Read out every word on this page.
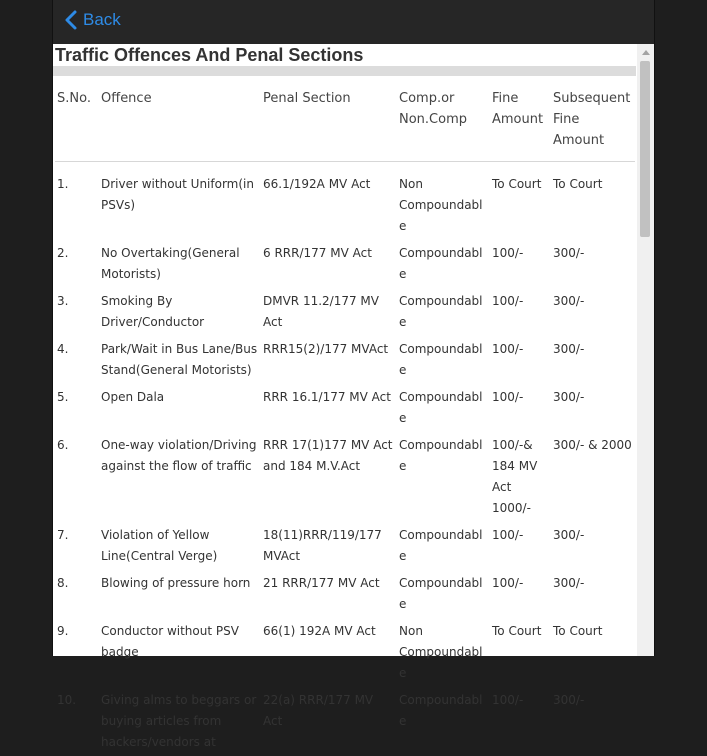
Back
Traffic Offences And Penal Sections
S.No.	Offence	Penal Section	Comp.or Non.Comp	Fine Amount	Subsequent Fine Amount
1.	Driver without Uniform(in PSVs)	66.1/192A MV Act	Non Compoundable	To Court	To Court
2.	No Overtaking(General Motorists)	6 RRR/177 MV Act	Compoundable	100/-	300/-
3.	Smoking By Driver/Conductor	DMVR 11.2/177 MV Act	Compoundable	100/-	300/-
4.	Park/Wait in Bus Lane/Bus Stand(General Motorists)	RRR15(2)/177 MVAct	Compoundable	100/-	300/-
5.	Open Dala	RRR 16.1/177 MV Act	Compoundable	100/-	300/-
6.	One-way violation/Driving against the flow of traffic	RRR 17(1)177 MV Act and 184 M.V.Act	Compoundable	100/-& 184 MV Act 1000/-	300/- & 2000
7.	Violation of Yellow Line(Central Verge)	18(11)RRR/119/177 MVAct	Compoundable	100/-	300/-
8.	Blowing of pressure horn	21 RRR/177 MV Act	Compoundable	100/-	300/-
9.	Conductor without PSV badge	66(1) 192A MV Act	Non Compoundable	To Court	To Court
10.	Giving alms to beggars or buying articles from hackers/vendors at	22(a) RRR/177 MV Act	Compoundable	100/-	300/-
